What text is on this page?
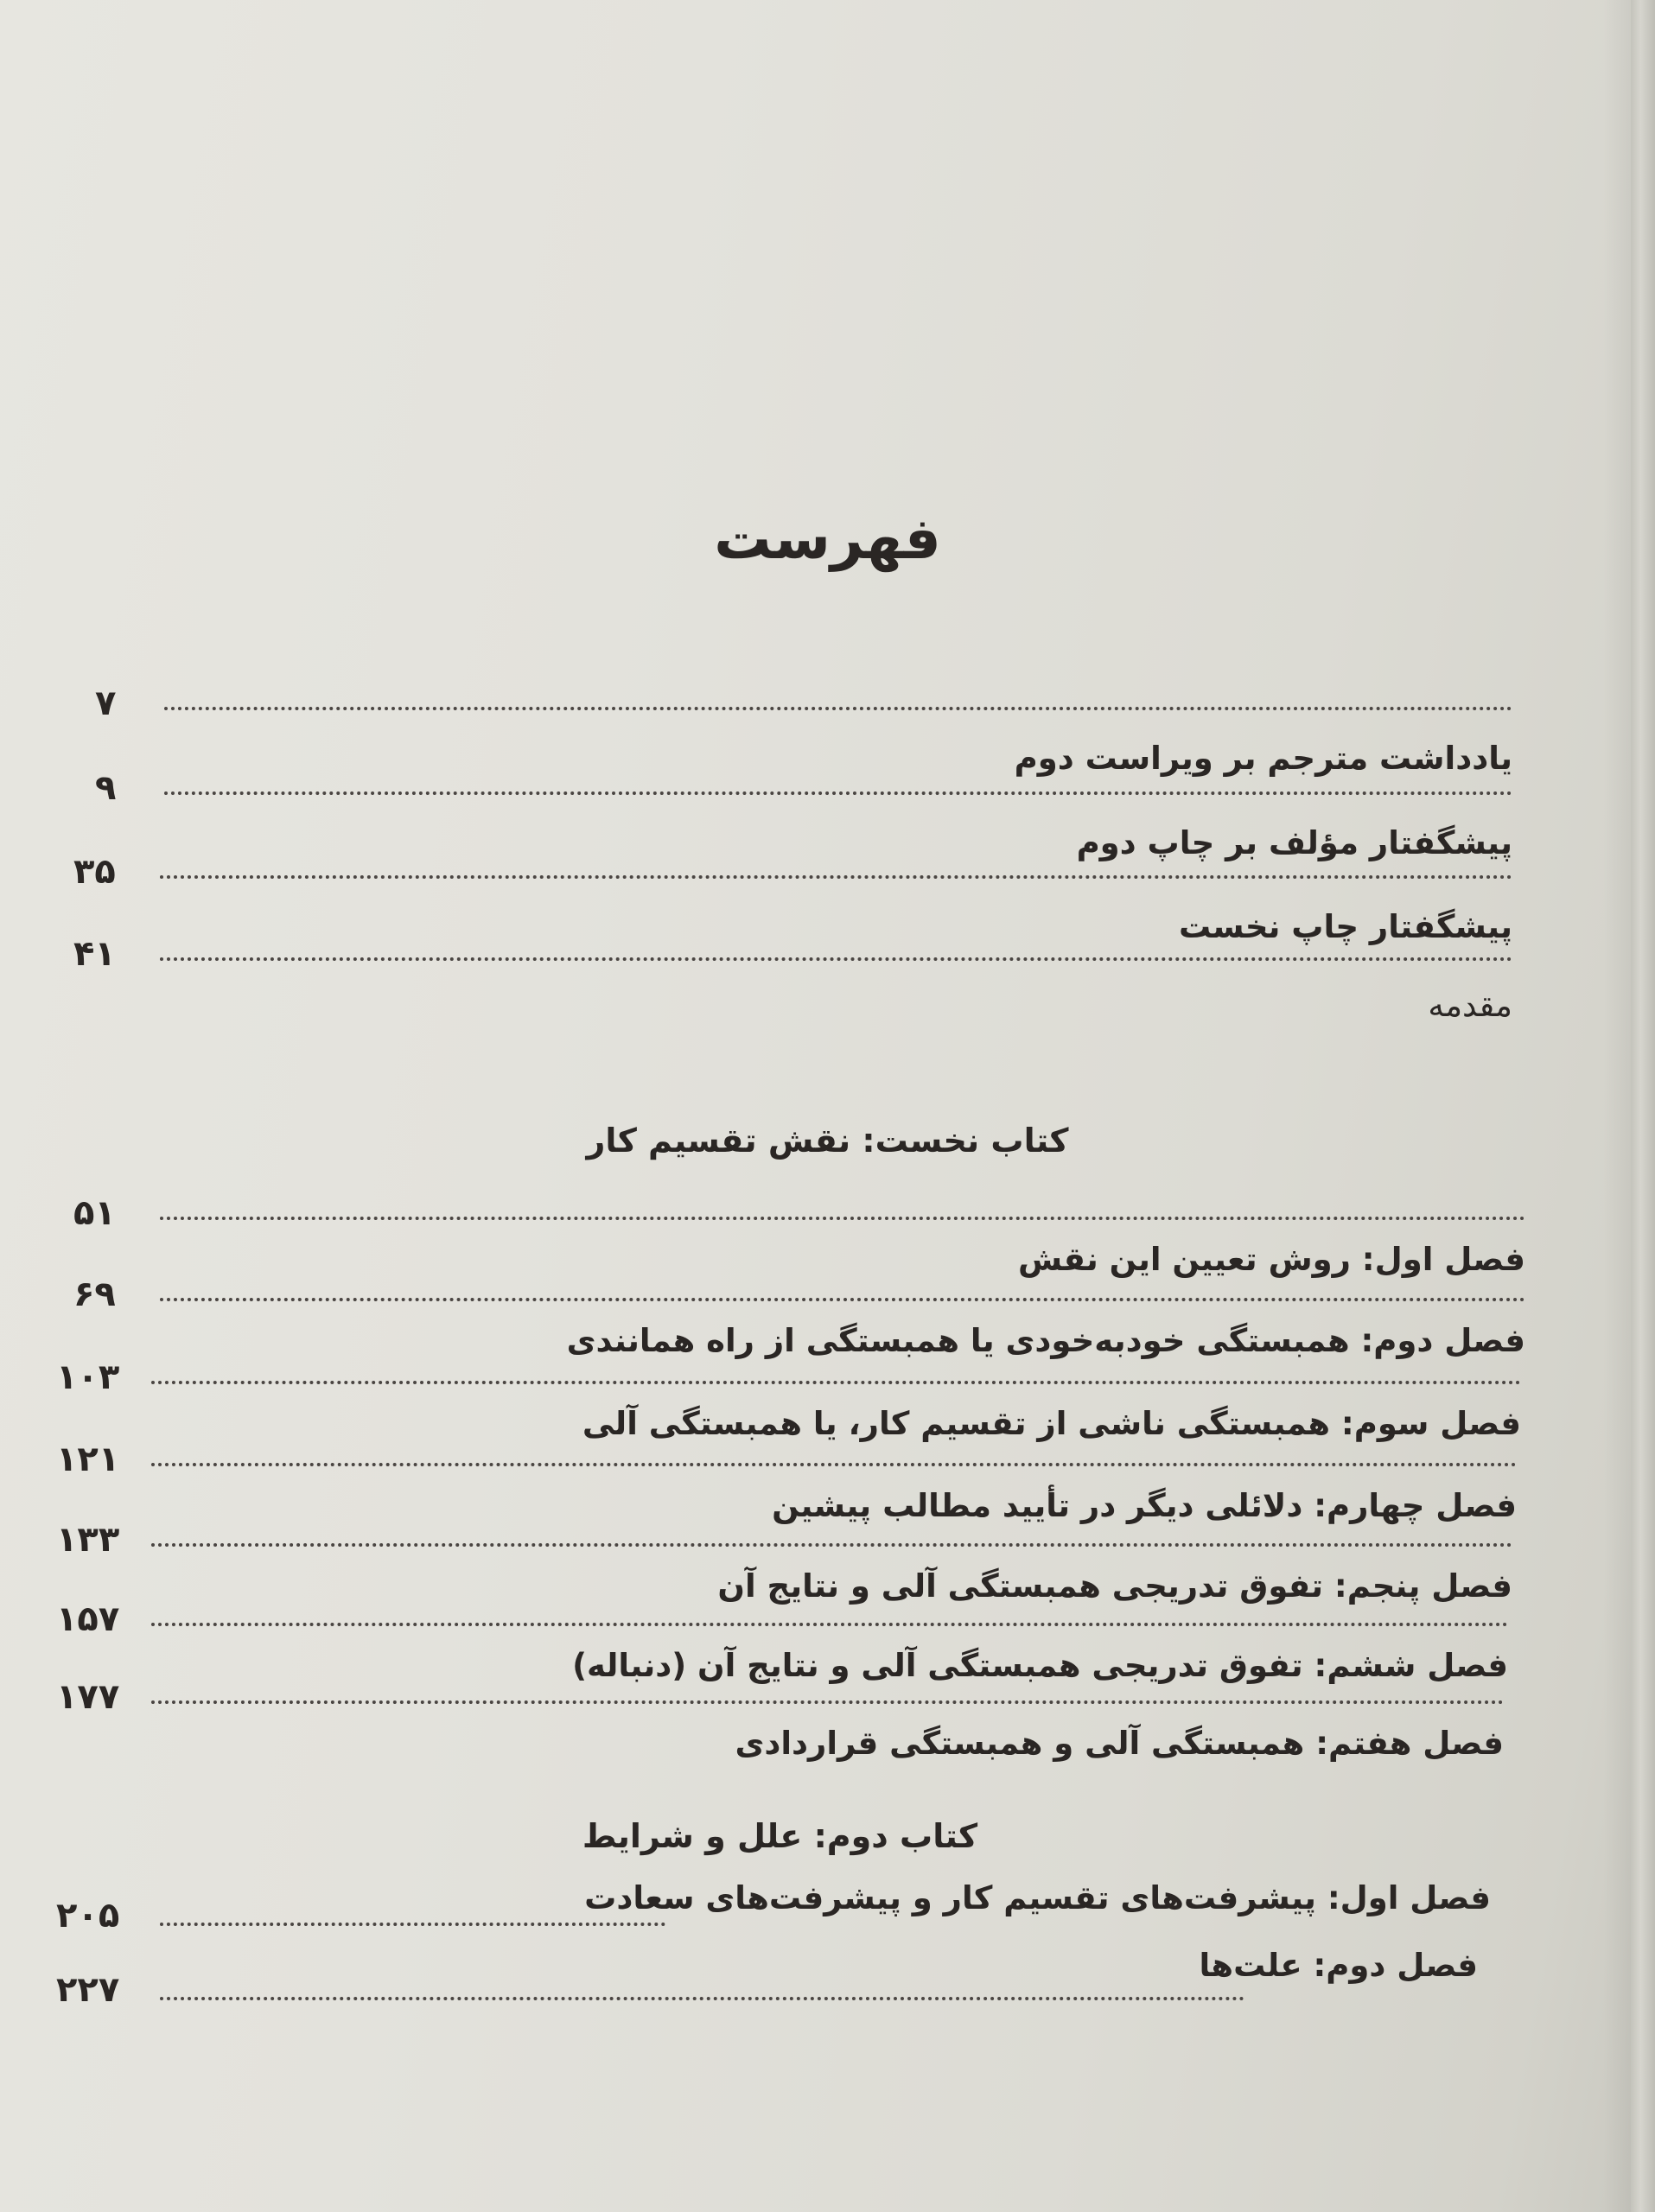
فهرست
۷
یادداشت مترجم بر ویراست دوم
۹
پیشگفتار مؤلف بر چاپ دوم
۳۵
پیشگفتار چاپ نخست
۴۱
مقدمه
کتاب نخست: نقش تقسیم کار
۵۱
فصل اول: روش تعیین این نقش
۶۹
فصل دوم: همبستگی خودبه‌خودی یا همبستگی از راه همانندی
۱۰۳
فصل سوم: همبستگی ناشی از تقسیم کار، یا همبستگی آلی
۱۲۱
فصل چهارم: دلائلی دیگر در تأیید مطالب پیشین
۱۳۳
فصل پنجم: تفوق تدریجی همبستگی آلی و نتایج آن
۱۵۷
فصل ششم: تفوق تدریجی همبستگی آلی و نتایج آن (دنباله)
۱۷۷
فصل هفتم: همبستگی آلی و همبستگی قراردادی
کتاب دوم: علل و شرایط
فصل اول: پیشرفت‌های تقسیم کار و پیشرفت‌های سعادت
۲۰۵
فصل دوم: علت‌ها
۲۲۷
